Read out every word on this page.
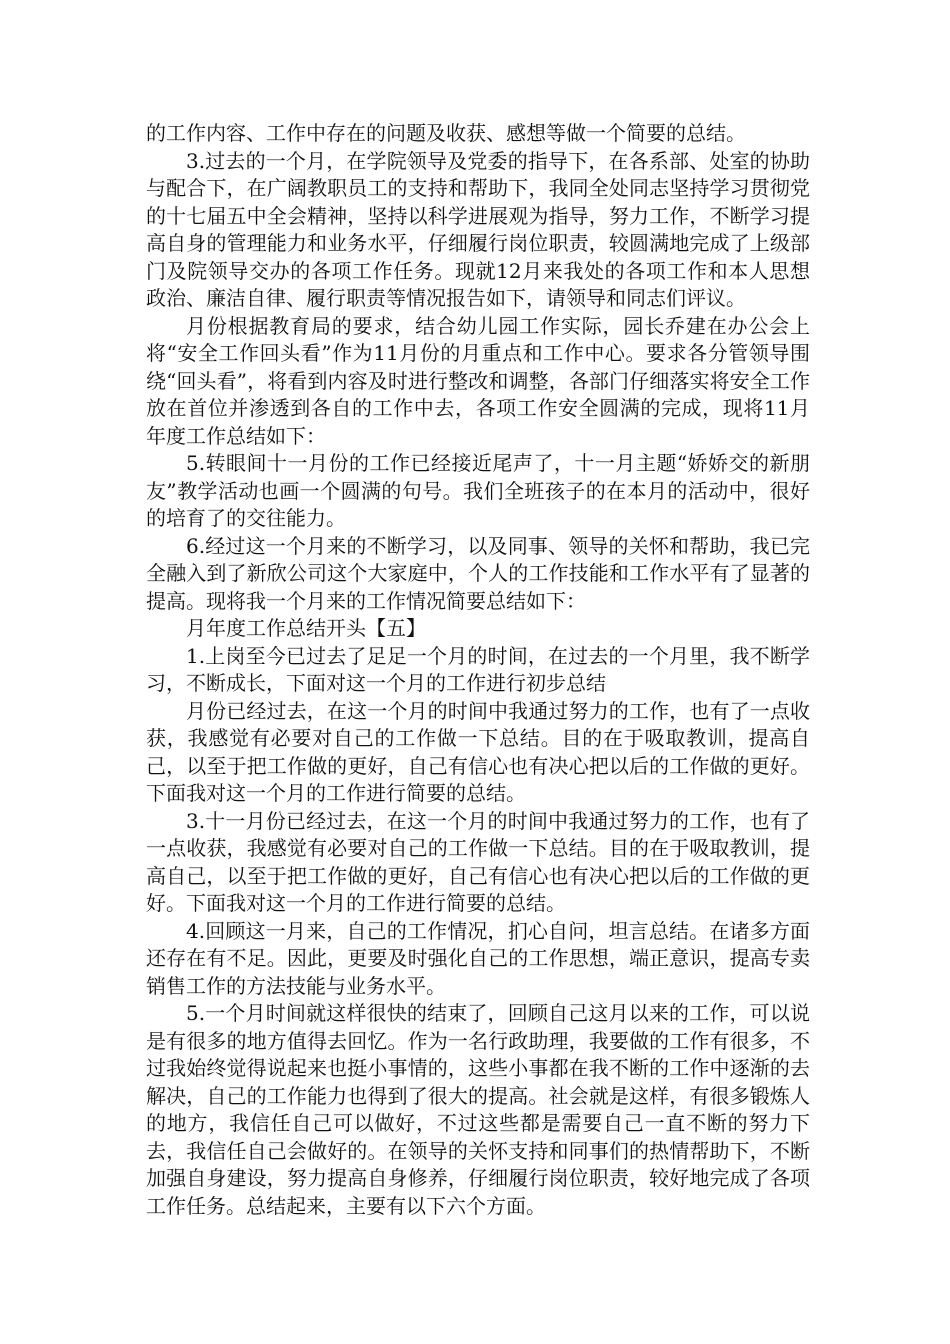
的工作内容、工作中存在的问题及收获、感想等做一个简要的总结。

3.过去的一个月，在学院领导及党委的指导下，在各系部、处室的协助与配合下，在广阔教职员工的支持和帮助下，我同全处同志坚持学习贯彻党的十七届五中全会精神，坚持以科学进展观为指导，努力工作，不断学习提高自身的管理能力和业务水平，仔细履行岗位职责，较圆满地完成了上级部门及院领导交办的各项工作任务。现就12月来我处的各项工作和本人思想政治、廉洁自律、履行职责等情况报告如下，请领导和同志们评议。

月份根据教育局的要求，结合幼儿园工作实际，园长乔建在办公会上将“安全工作回头看”作为11月份的月重点和工作中心。要求各分管领导围绕“回头看”，将看到内容及时进行整改和调整，各部门仔细落实将安全工作放在首位并渗透到各自的工作中去，各项工作安全圆满的完成，现将11月年度工作总结如下：

5.转眼间十一月份的工作已经接近尾声了，十一月主题“娇娇交的新朋友”教学活动也画一个圆满的句号。我们全班孩子的在本月的活动中，很好的培育了的交往能力。

6.经过这一个月来的不断学习，以及同事、领导的关怀和帮助，我已完全融入到了新欣公司这个大家庭中，个人的工作技能和工作水平有了显著的提高。现将我一个月来的工作情况简要总结如下：

月年度工作总结开头【五】

1.上岗至今已过去了足足一个月的时间，在过去的一个月里，我不断学习，不断成长，下面对这一个月的工作进行初步总结

月份已经过去，在这一个月的时间中我通过努力的工作，也有了一点收获，我感觉有必要对自己的工作做一下总结。目的在于吸取教训，提高自己，以至于把工作做的更好，自己有信心也有决心把以后的工作做的更好。下面我对这一个月的工作进行简要的总结。

3.十一月份已经过去，在这一个月的时间中我通过努力的工作，也有了一点收获，我感觉有必要对自己的工作做一下总结。目的在于吸取教训，提高自己，以至于把工作做的更好，自己有信心也有决心把以后的工作做的更好。下面我对这一个月的工作进行简要的总结。

4.回顾这一月来，自己的工作情况，扪心自问，坦言总结。在诸多方面还存在有不足。因此，更要及时强化自己的工作思想，端正意识，提高专卖销售工作的方法技能与业务水平。

5.一个月时间就这样很快的结束了，回顾自己这月以来的工作，可以说是有很多的地方值得去回忆。作为一名行政助理，我要做的工作有很多，不过我始终觉得说起来也挺小事情的，这些小事都在我不断的工作中逐渐的去解决，自己的工作能力也得到了很大的提高。社会就是这样，有很多锻炼人的地方，我信任自己可以做好，不过这些都是需要自己一直不断的努力下去，我信任自己会做好的。在领导的关怀支持和同事们的热情帮助下，不断加强自身建设，努力提高自身修养，仔细履行岗位职责，较好地完成了各项工作任务。总结起来，主要有以下六个方面。
